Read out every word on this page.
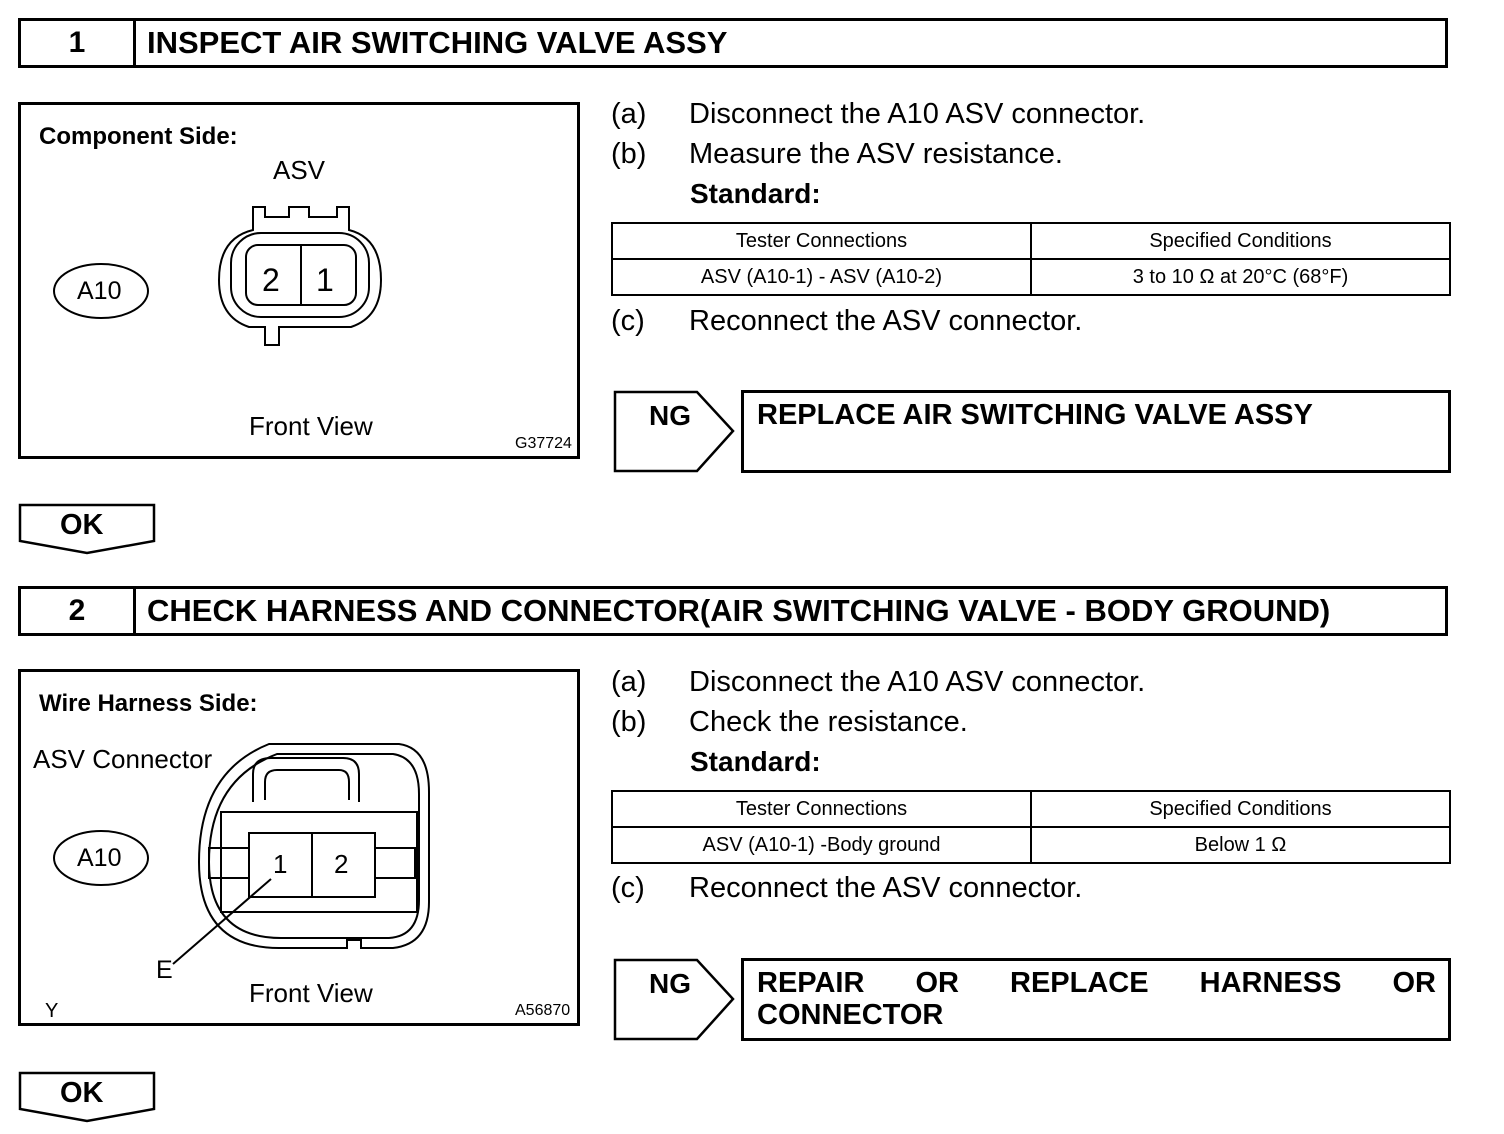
1	INSPECT AIR SWITCHING VALVE ASSY
Component Side:
ASV
A10	2 1
Front View
G37724
(a) Disconnect the A10 ASV connector.
(b) Measure the ASV resistance.
Standard:
Tester Connections	Specified Conditions
ASV (A10-1) - ASV (A10-2)	3 to 10 Ω at 20°C (68°F)
(c) Reconnect the ASV connector.
NG	REPLACE AIR SWITCHING VALVE ASSY
OK
2	CHECK HARNESS AND CONNECTOR(AIR SWITCHING VALVE - BODY GROUND)
Wire Harness Side:
ASV Connector
A10	1 2
E
Front View
Y	A56870
(a) Disconnect the A10 ASV connector.
(b) Check the resistance.
Standard:
Tester Connections	Specified Conditions
ASV (A10-1) -Body ground	Below 1 Ω
(c) Reconnect the ASV connector.
NG	REPAIR OR REPLACE HARNESS OR CONNECTOR
OK
